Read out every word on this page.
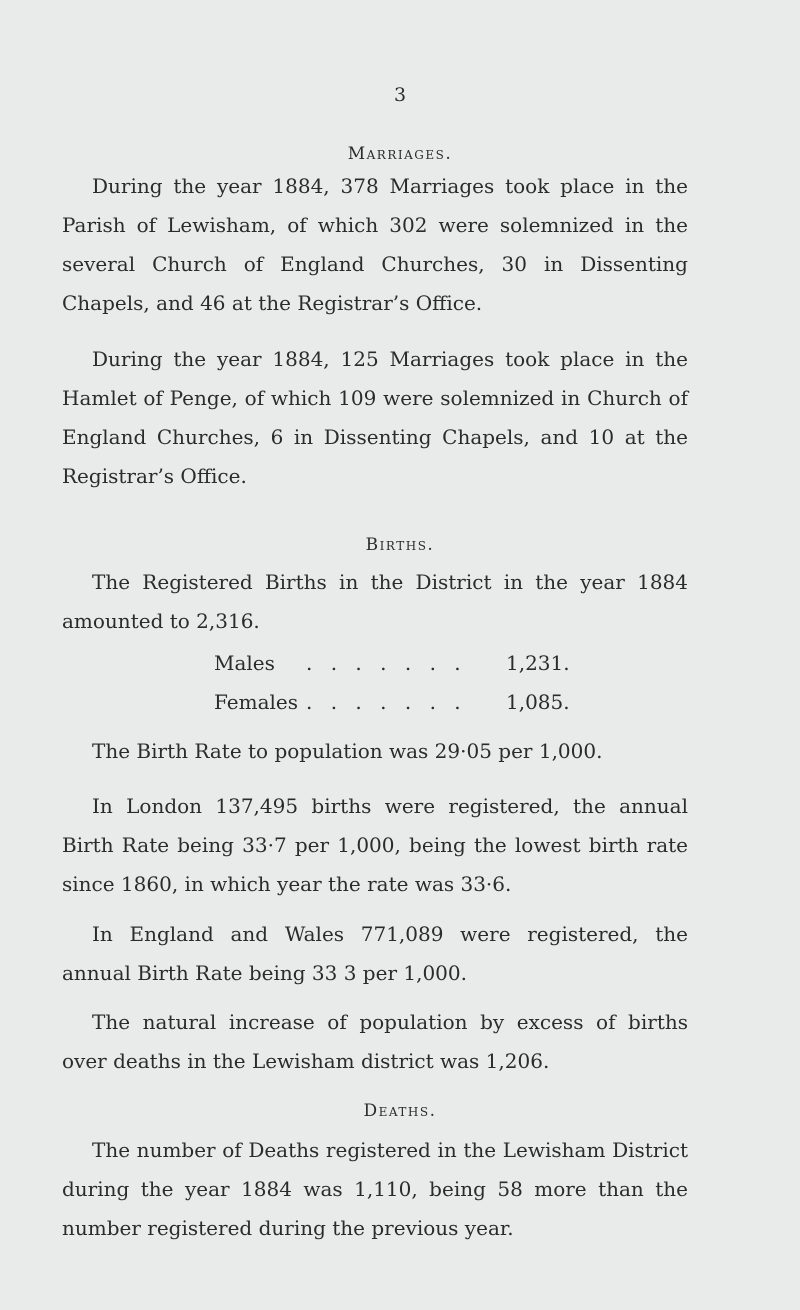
3
Marriages.

During the year 1884, 378 Marriages took place in the Parish of Lewisham, of which 302 were solemnized in the several Church of England Churches, 30 in Dissenting Chapels, and 46 at the Registrar’s Office.

During the year 1884, 125 Marriages took place in the Hamlet of Penge, of which 109 were solemnized in Church of England Churches, 6 in Dissenting Chapels, and 10 at the Registrar’s Office.

Births.

The Registered Births in the District in the year 1884 amounted to 2,316.

Males . . . . . . . 1,231.
Females . . . . . . . 1,085.

The Birth Rate to population was 29·05 per 1,000.

In London 137,495 births were registered, the annual Birth Rate being 33·7 per 1,000, being the lowest birth rate since 1860, in which year the rate was 33·6.

In England and Wales 771,089 were registered, the annual Birth Rate being 33 3 per 1,000.

The natural increase of population by excess of births over deaths in the Lewisham district was 1,206.

Deaths.

The number of Deaths registered in the Lewisham District during the year 1884 was 1,110, being 58 more than the number registered during the previous year.
